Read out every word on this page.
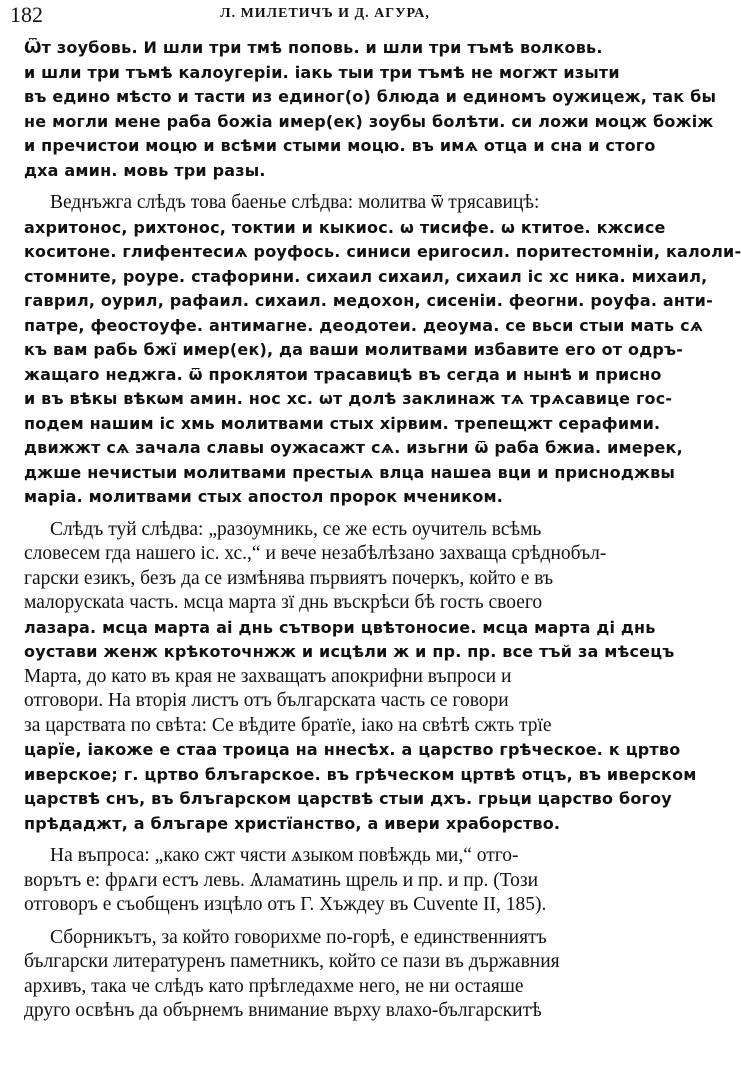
182	Л. МИЛЕТИЧЪ И Д. АГУРА,
Ѿт зоубовь. И шли три тмѣ поповь. и шли три тъмѣ волковь.
и шли три тъмѣ калоугеріи. іакь тыи три тъмѣ не могжт изыти
въ едино мѣсто и тасти из единог(о) блюда и единомъ оужицеж, так бы
не могли мене раба божіа имер(ек) зоубы болѣти. си ложи моцж божіж
и пречистои моцю и всѣми стыми моцю. въ имѧ отца и сна и стого
дха амин. мовь три разы.
Веднъжга слѣдъ това баенье слѣдва: молитва ѿ трясавицѣ:
ахритонос, рихтонос, токтии и кыкиос. ѡ тисифе. ѡ ктитое. кжсисе
коситоне. глифентесиѧ роуфось. синиси еригосил. поритестомніи, калоли-
стомните, роуре. стафорини. сихаил сихаил, сихаил іс хс ника. михаил,
гаврил, оурил, рафаил. сихаил. медохон, сисеніи. феогни. роуфа. анти-
патре, феостоуфе. антимагне. деодотеи. деоума. се вьси стыи мать сѧ
къ вам рабь бжї имер(ек), да ваши молитвами избавите его от одръ-
жащаго неджга. ѿ проклятои трасавицѣ въ сегда и нынѣ и присно
и въ вѣкы вѣкωм амин. нос хс. ωт долѣ заклинаж тѧ трѧсавице гос-
подем нашим іс хмь молитвами стых хірвим. трепещжт серафими.
движжт сѧ зачала славы оужасажт сѧ. изьгни ѿ раба бжиа. имерек,
джше нечистыи молитвами престыѧ влца нашеа вци и присноджвы
маріа. молитвами стых апостол пророк мчеником.
Слѣдъ туй слѣдва: „разоумникь, се же есть оучитель всѣмь
словесем гда нашего іс. хс.,“ и вече незабѣлѣзано захваща срѣднобъл-
гарски езикъ, безъ да се измѣнява първиятъ почеркъ, който е въ
малорускаta часть. мсца марта зї днь въскрѣси бѣ гость своего
лазара. мсца марта аі днь сътвори цвѣтоносие. мсца марта ді днь
оустави женж крѣкоточнжж и исцѣли ж и пр. пр. все тъй за мѣсецъ
Марта, до като въ края не захващатъ апокрифни въпроси и
отговори. На вторія листъ отъ българската часть се говори
за царствата по свѣта: Се вѣдите братїе, іако на свѣтѣ сжть трїе
царїе, іакоже е стаа троица на ннесѣх. а царство грѣческое. к цртво
иверское; г. цртво блъгарское. въ грѣческом цртвѣ отцъ, въ иверском
царствѣ снъ, въ блъгарском царствѣ стыи дхъ. грьци царство богоу
прѣдаджт, а блъгаре христїанство, а ивери храборство.
На въпроса: „како сжт чясти ѧзыком повѣждь ми,“ отго-
ворътъ е: фрѧги естъ левь. Ѧламатинь щрель и пр. и пр. (Този
отговоръ е съобщенъ изцѣло отъ Г. Хъждеу въ Cuvente II, 185).
Сборникътъ, за който говорихме по-горѣ, е единственниятъ
български литературенъ паметникъ, който се пази въ държавния
архивъ, така че слѣдъ като прѣгледахме него, не ни остаяше
друго освѣнъ да обърнемъ внимание върху влахо-българскитѣ
